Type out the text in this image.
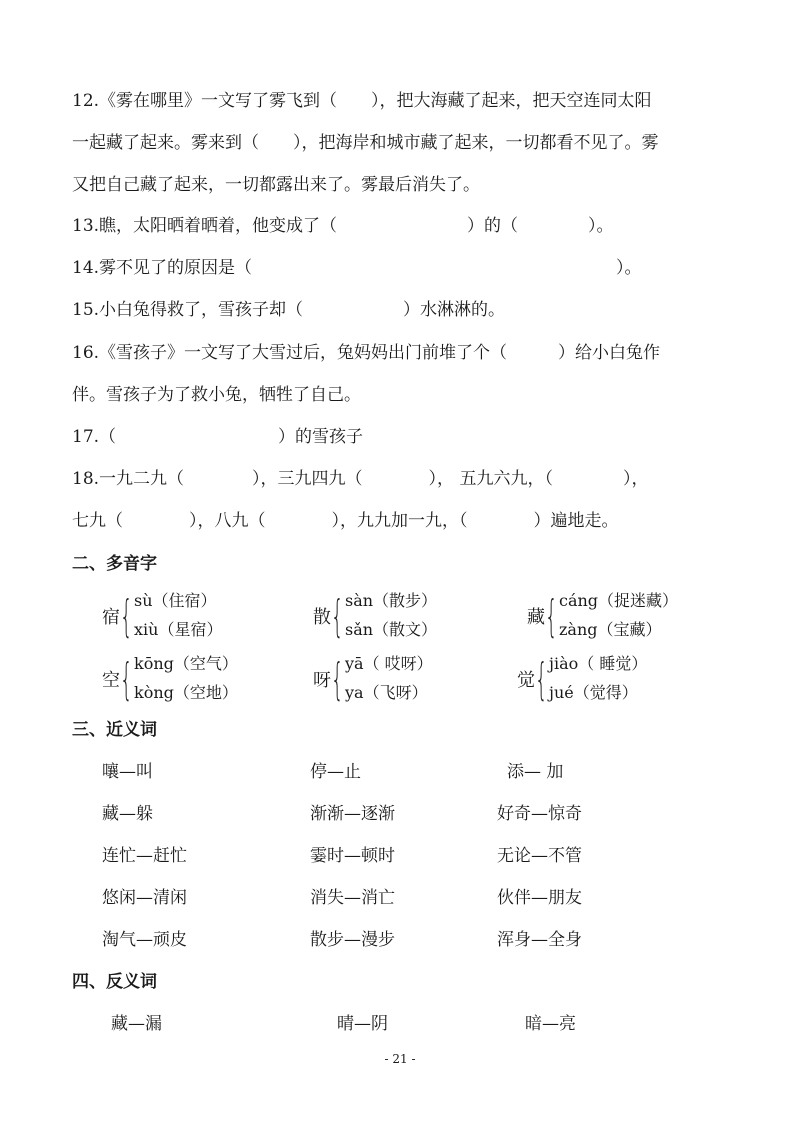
12.《雾在哪里》一文写了雾飞到（　　），把大海藏了起来，把天空连同太阳
一起藏了起来。雾来到（　　），把海岸和城市藏了起来，一切都看不见了。雾
又把自己藏了起来，一切都露出来了。雾最后消失了。
13.瞧，太阳晒着晒着，他变成了（	）的（	）。
14.雾不见了的原因是（	）。
15.小白兔得救了，雪孩子却（	）水淋淋的。
16.《雪孩子》一文写了大雪过后，兔妈妈出门前堆了个（　　　）给小白兔作
伴。雪孩子为了救小兔，牺牲了自己。
17.（	）的雪孩子
18.一九二九（	），三九四九（	）， 五九六九，（	），
七九（	），八九（	），九九加一九，（	）遍地走。
二、多音字
宿 { sù（住宿）
xiù（星宿）
散 { sàn（散步）
sǎn（散文）
藏 { cáng（捉迷藏）
zàng（宝藏）
空 { kōng（空气）
kòng（空地）
呀 { yā（ 哎呀）
ya（飞呀）
觉 { jiào（ 睡觉）
jué（觉得）
三、近义词
嚷—叫	停—止	添— 加
藏—躲	渐渐—逐渐	好奇—惊奇
连忙—赶忙	霎时—顿时	无论—不管
悠闲—清闲	消失—消亡	伙伴—朋友
淘气—顽皮	散步—漫步	浑身—全身
四、反义词
藏—漏	晴—阴	暗—亮
- 21 -
